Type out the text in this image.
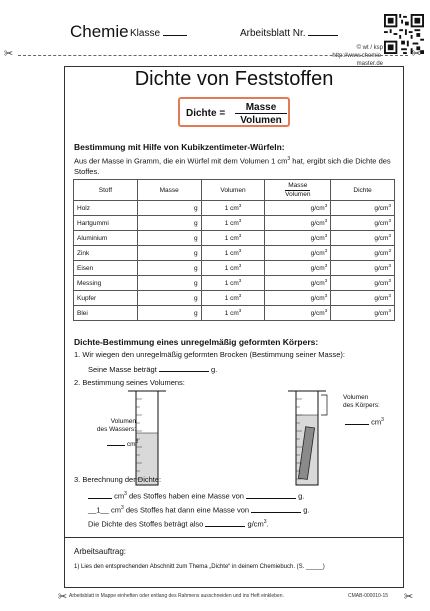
Chemie Klasse	Arbeitsblatt Nr.
© wt / ksp
http://www.chemie-master.de
✂	✂
✂	✂
Dichte von Feststoffen
Dichte =
Masse
Volumen
Bestimmung mit Hilfe von Kubikzentimeter-Würfeln:
Aus der Masse in Gramm, die ein Würfel mit dem Volumen 1 $cm^3$ hat, ergibt sich die Dichte des Stoffes.
Stoff	Masse	Volumen	$\frac{\text{Masse}}{\text{Volumen}}$	Dichte
Holz	g	1 $cm^3$	$g/cm^3$	$g/cm^3$
Hartgummi	g	1 $cm^3$	$g/cm^3$	$g/cm^3$
Aluminium	g	1 $cm^3$	$g/cm^3$	$g/cm^3$
Zink	g	1 $cm^3$	$g/cm^3$	$g/cm^3$
Eisen	g	1 $cm^3$	$g/cm^3$	$g/cm^3$
Messing	g	1 $cm^3$	$g/cm^3$	$g/cm^3$
Kupfer	g	1 $cm^3$	$g/cm^3$	$g/cm^3$
Blei	g	1 $cm^3$	$g/cm^3$	$g/cm^3$
Dichte-Bestimmung eines unregelmäßig geformten Körpers:
1. Wir wiegen den unregelmäßig geformten Brocken (Bestimmung seiner Masse):
Seine Masse beträgt	g.
2. Bestimmung seines Volumens:
Volumen
des Wassers:
$cm^3$
Volumen
des Körpers:
$cm^3$
3. Berechnung der Dichte:
$cm^3$ des Stoffes haben eine Masse von	g.
__1__ $cm^3$ des Stoffes hat dann eine Masse von	g.
Die Dichte des Stoffes beträgt also	$g/cm^3$.
Arbeitsauftrag:
1) Lies den entsprechenden Abschnitt zum Thema „Dichte“ in deinem Chemiebuch. (S. _____)
Arbeitsblatt in Mappe einheften oder entlang des Rahmens ausschneiden und ins Heft einkleben.	CMAB-000010-15
